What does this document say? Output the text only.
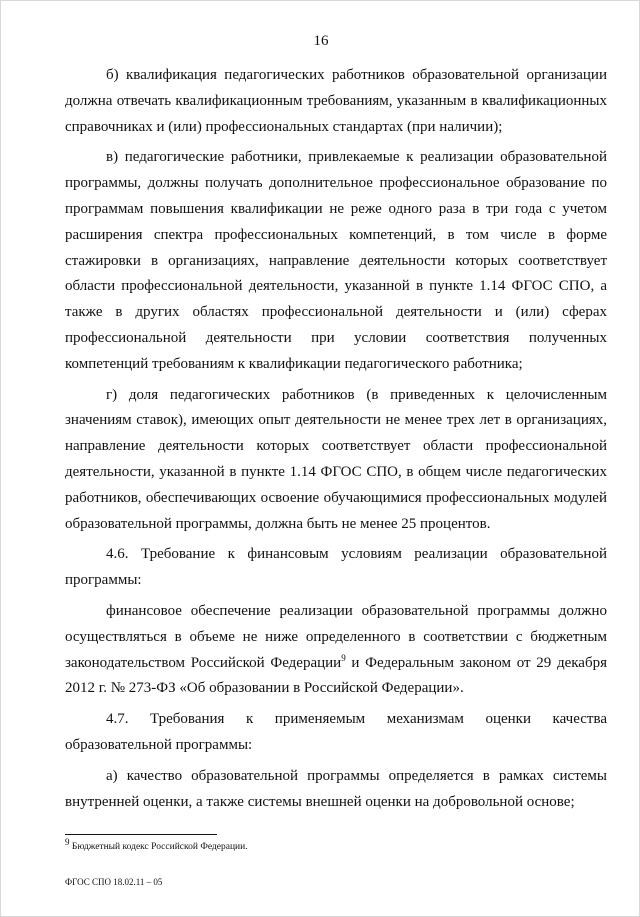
16

б) квалификация педагогических работников образовательной организации должна отвечать квалификационным требованиям, указанным в квалификационных справочниках и (или) профессиональных стандартах (при наличии);

в) педагогические работники, привлекаемые к реализации образовательной программы, должны получать дополнительное профессиональное образование по программам повышения квалификации не реже одного раза в три года с учетом расширения спектра профессиональных компетенций, в том числе в форме стажировки в организациях, направление деятельности которых соответствует области профессиональной деятельности, указанной в пункте 1.14 ФГОС СПО, а также в других областях профессиональной деятельности и (или) сферах профессиональной деятельности при условии соответствия полученных компетенций требованиям к квалификации педагогического работника;

г) доля педагогических работников (в приведенных к целочисленным значениям ставок), имеющих опыт деятельности не менее трех лет в организациях, направление деятельности которых соответствует области профессиональной деятельности, указанной в пункте 1.14 ФГОС СПО, в общем числе педагогических работников, обеспечивающих освоение обучающимися профессиональных модулей образовательной программы, должна быть не менее 25 процентов.

4.6. Требование к финансовым условиям реализации образовательной программы:

финансовое обеспечение реализации образовательной программы должно осуществляться в объеме не ниже определенного в соответствии с бюджетным законодательством Российской Федерации$^9$ и Федеральным законом от 29 декабря 2012 г. № 273-ФЗ «Об образовании в Российской Федерации».

4.7. Требования к применяемым механизмам оценки качества образовательной программы:

а) качество образовательной программы определяется в рамках системы внутренней оценки, а также системы внешней оценки на добровольной основе;

$^9$ Бюджетный кодекс Российской Федерации.
ФГОС СПО 18.02.11 – 05
